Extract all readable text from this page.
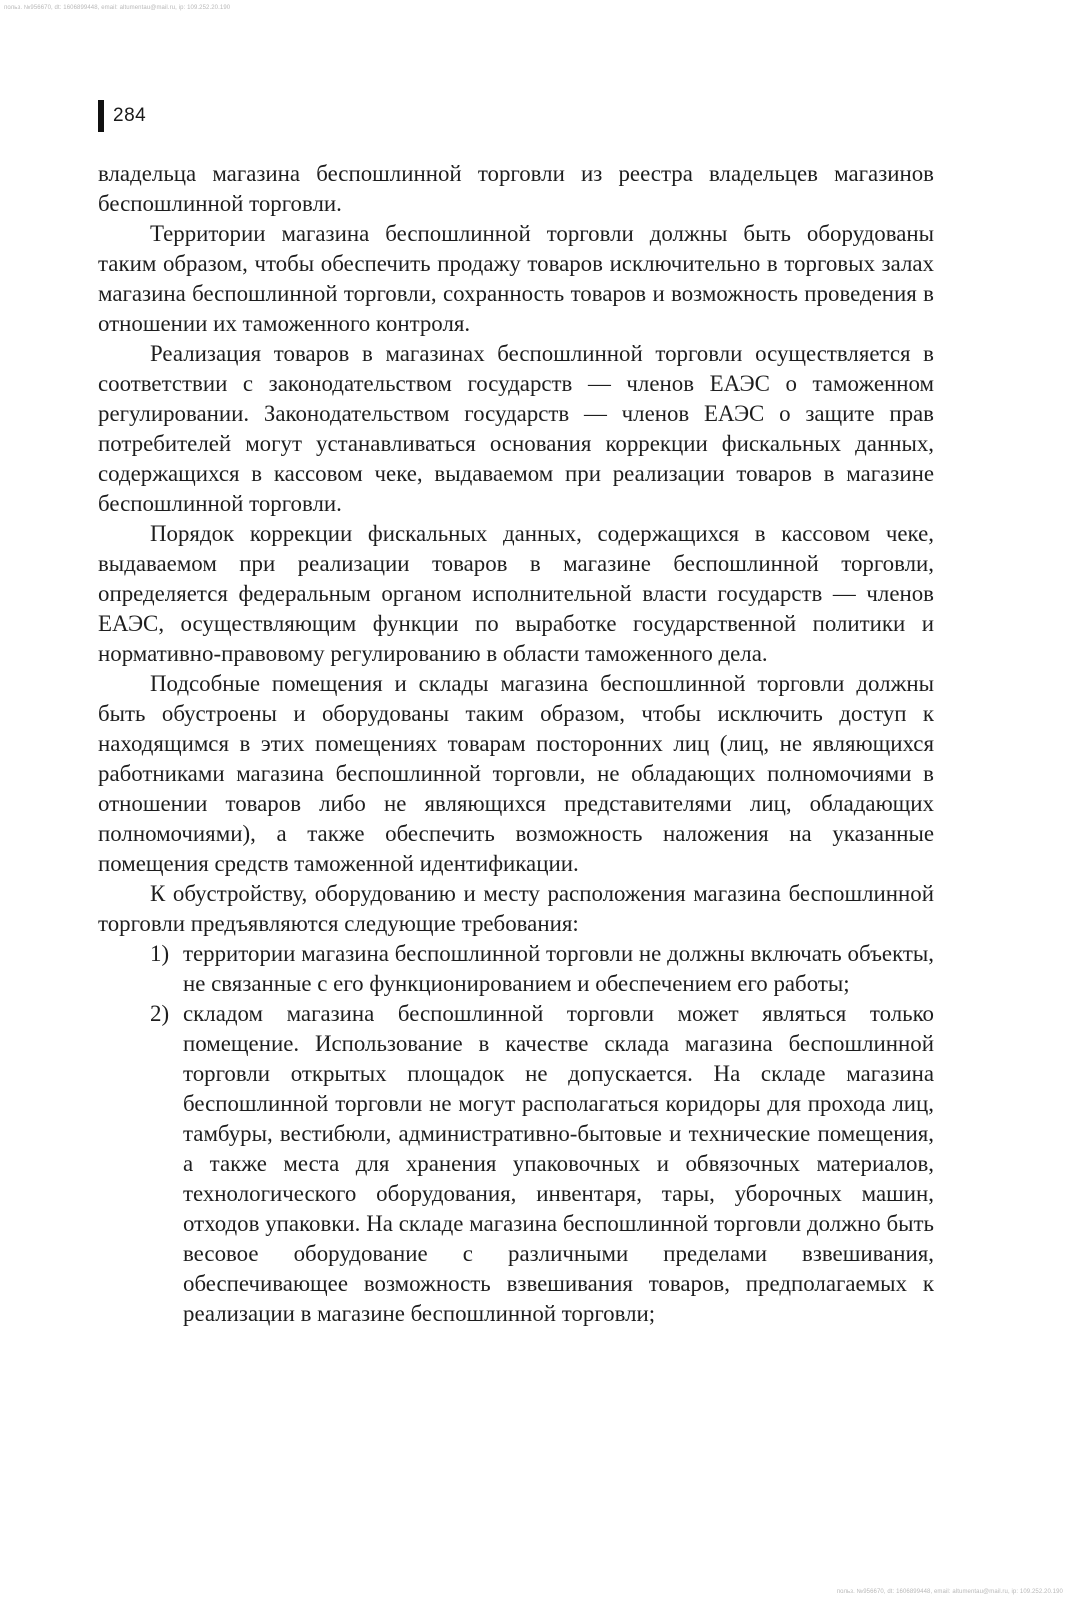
польз. №956670, dt: 1606899448, email: altumentau@mail.ru, ip: 109.252.20.190
284

владельца магазина беспошлинной торговли из реестра владельцев магазинов беспошлинной торговли.

Территории магазина беспошлинной торговли должны быть оборудованы таким образом, чтобы обеспечить продажу товаров исключительно в торговых залах магазина беспошлинной торговли, сохранность товаров и возможность проведения в отношении их таможенного контроля.

Реализация товаров в магазинах беспошлинной торговли осуществляется в соответствии с законодательством государств — членов ЕАЭС о таможенном регулировании. Законодательством государств — членов ЕАЭС о защите прав потребителей могут устанавливаться основания коррекции фискальных данных, содержащихся в кассовом чеке, выдаваемом при реализации товаров в магазине беспошлинной торговли.

Порядок коррекции фискальных данных, содержащихся в кассовом чеке, выдаваемом при реализации товаров в магазине беспошлинной торговли, определяется федеральным органом исполнительной власти государств — членов ЕАЭС, осуществляющим функции по выработке государственной политики и нормативно-правовому регулированию в области таможенного дела.

Подсобные помещения и склады магазина беспошлинной торговли должны быть обустроены и оборудованы таким образом, чтобы исключить доступ к находящимся в этих помещениях товарам посторонних лиц (лиц, не являющихся работниками магазина беспошлинной торговли, не обладающих полномочиями в отношении товаров либо не являющихся представителями лиц, обладающих полномочиями), а также обеспечить возможность наложения на указанные помещения средств таможенной идентификации.

К обустройству, оборудованию и месту расположения магазина беспошлинной торговли предъявляются следующие требования:

1) территории магазина беспошлинной торговли не должны включать объекты, не связанные с его функционированием и обеспечением его работы;
2) складом магазина беспошлинной торговли может являться только помещение. Использование в качестве склада магазина беспошлинной торговли открытых площадок не допускается. На складе магазина беспошлинной торговли не могут располагаться коридоры для прохода лиц, тамбуры, вестибюли, административно-бытовые и технические помещения, а также места для хранения упаковочных и обвязочных материалов, технологического оборудования, инвентаря, тары, уборочных машин, отходов упаковки. На складе магазина беспошлинной торговли должно быть весовое оборудование с различными пределами взвешивания, обеспечивающее возможность взвешивания товаров, предполагаемых к реализации в магазине беспошлинной торговли;
польз. №956670, dt: 1606899448, email: altumentau@mail.ru, ip: 109.252.20.190
